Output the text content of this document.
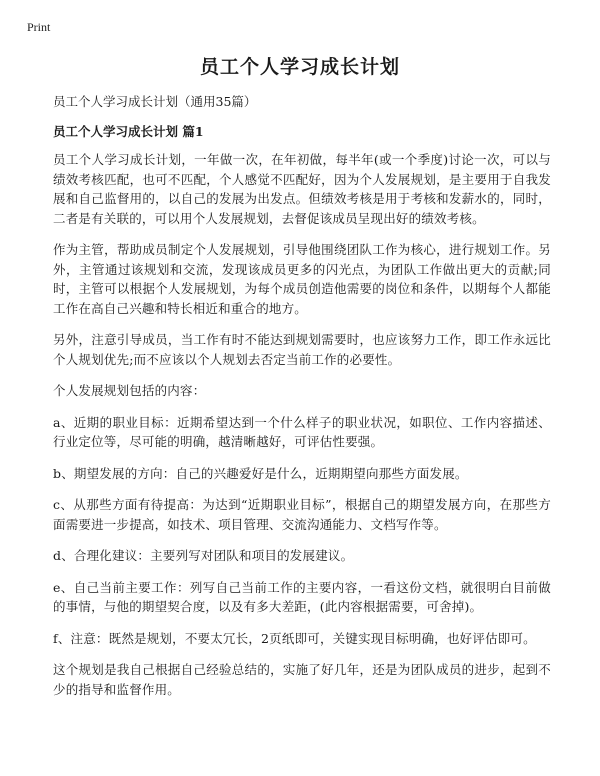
Print
员工个人学习成长计划

员工个人学习成长计划（通用35篇）

员工个人学习成长计划 篇1

员工个人学习成长计划，一年做一次，在年初做，每半年(或一个季度)讨论一次，可以与绩效考核匹配，也可不匹配，个人感觉不匹配好，因为个人发展规划，是主要用于自我发展和自己监督用的，以自己的发展为出发点。但绩效考核是用于考核和发薪水的，同时，二者是有关联的，可以用个人发展规划，去督促该成员呈现出好的绩效考核。

作为主管，帮助成员制定个人发展规划，引导他围绕团队工作为核心，进行规划工作。另外，主管通过该规划和交流，发现该成员更多的闪光点，为团队工作做出更大的贡献;同时，主管可以根据个人发展规划，为每个成员创造他需要的岗位和条件，以期每个人都能工作在高自己兴趣和特长相近和重合的地方。

另外，注意引导成员，当工作有时不能达到规划需要时，也应该努力工作，即工作永远比个人规划优先;而不应该以个人规划去否定当前工作的必要性。

个人发展规划包括的内容：

a、近期的职业目标：近期希望达到一个什么样子的职业状况，如职位、工作内容描述、行业定位等，尽可能的明确，越清晰越好，可评估性要强。

b、期望发展的方向：自己的兴趣爱好是什么，近期期望向那些方面发展。

c、从那些方面有待提高：为达到“近期职业目标”，根据自己的期望发展方向，在那些方面需要进一步提高，如技术、项目管理、交流沟通能力、文档写作等。

d、合理化建议：主要列写对团队和项目的发展建议。

e、自己当前主要工作：列写自己当前工作的主要内容，一看这份文档，就很明白目前做的事情，与他的期望契合度，以及有多大差距，(此内容根据需要，可舍掉)。

f、注意：既然是规划，不要太冗长，2页纸即可，关键实现目标明确，也好评估即可。

这个规划是我自己根据自己经验总结的，实施了好几年，还是为团队成员的进步，起到不少的指导和监督作用。
